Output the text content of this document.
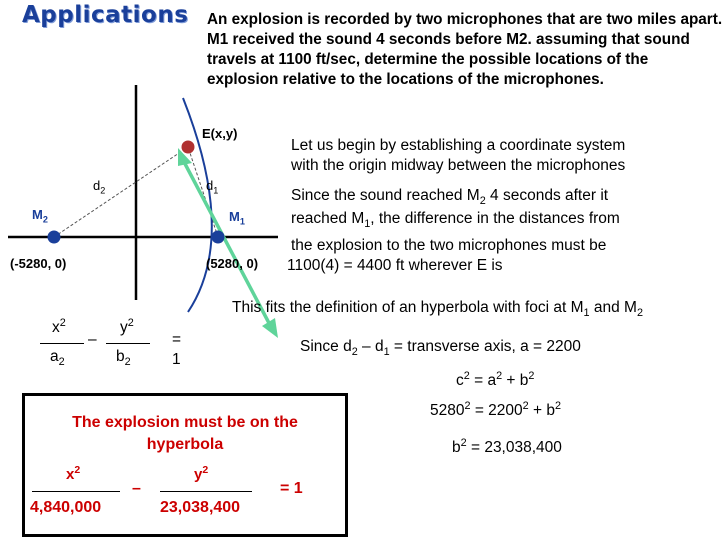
Applications An explosion is recorded by two microphones that are two miles apart. M1 received the sound 4 seconds before M2. assuming that sound travels at 1100 ft/sec, determine the possible locations of the explosion relative to the locations of the microphones.
E(x,y)
$d_2$	$d_1$
$M_2$	$M_1$
(-5280, 0)	(5280, 0)
Let us begin by establishing a coordinate system
with the origin midway between the microphones
Since the sound reached $M_2$ 4 seconds after it
reached $M_1$, the difference in the distances from
the explosion to the two microphones must be
1100(4) = 4400 ft wherever E is
This fits the definition of an hyperbola with foci at $M_1$ and $M_2$
$x^2$
$a_2$
–
$y^2$
$b_2$
= 1
Since $d_2 - d_1$ = transverse axis, a = 2200
$c^2 = a^2 + b^2$
$5280^2 = 2200^2 + b^2$
$b^2 = 23,038,400$
The explosion must be on the
hyperbola
$x^2$
4,840,000
–
$y^2$
23,038,400
= 1
